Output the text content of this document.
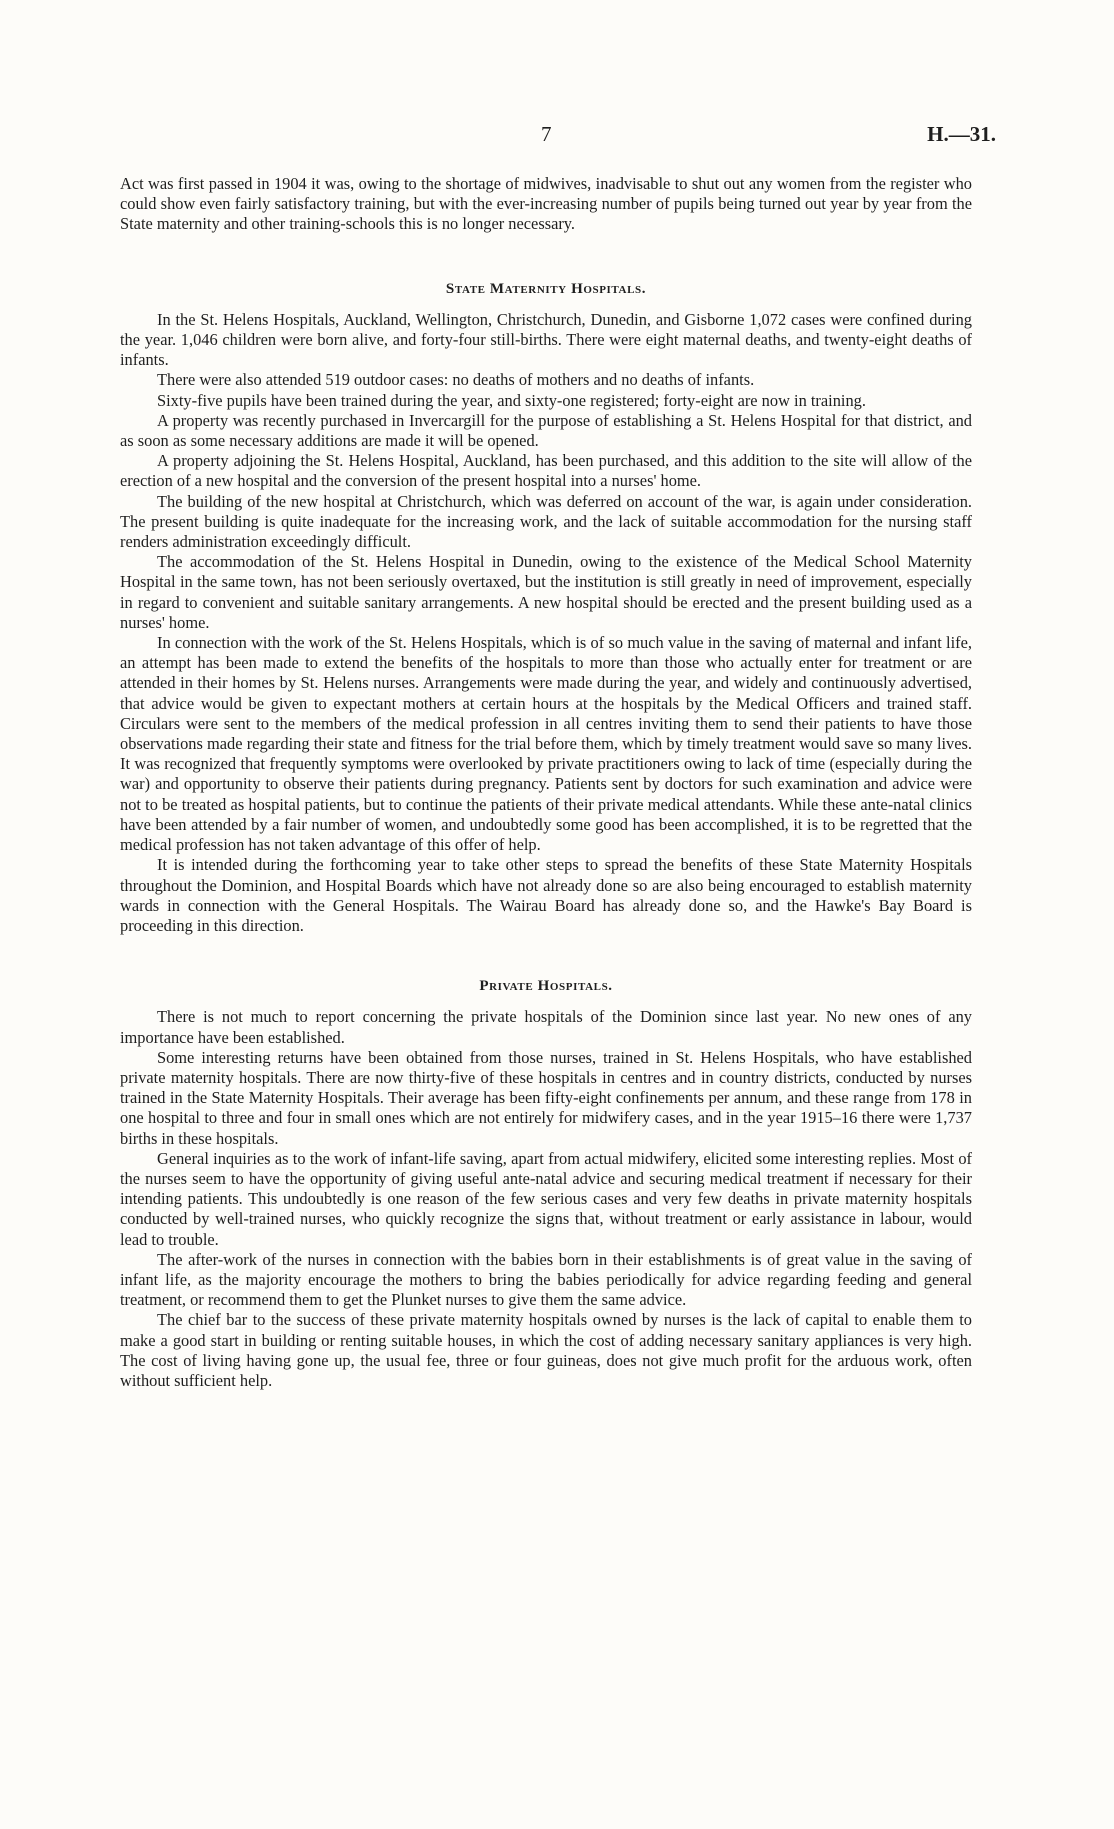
7	H.—31.

Act was first passed in 1904 it was, owing to the shortage of midwives, inadvisable to shut out any women from the register who could show even fairly satisfactory training, but with the ever-increasing number of pupils being turned out year by year from the State maternity and other training-schools this is no longer necessary.

State Maternity Hospitals.

In the St. Helens Hospitals, Auckland, Wellington, Christchurch, Dunedin, and Gisborne 1,072 cases were confined during the year. 1,046 children were born alive, and forty-four still-births. There were eight maternal deaths, and twenty-eight deaths of infants.

There were also attended 519 outdoor cases: no deaths of mothers and no deaths of infants.

Sixty-five pupils have been trained during the year, and sixty-one registered; forty-eight are now in training.

A property was recently purchased in Invercargill for the purpose of establishing a St. Helens Hospital for that district, and as soon as some necessary additions are made it will be opened.

A property adjoining the St. Helens Hospital, Auckland, has been purchased, and this addition to the site will allow of the erection of a new hospital and the conversion of the present hospital into a nurses' home.

The building of the new hospital at Christchurch, which was deferred on account of the war, is again under consideration. The present building is quite inadequate for the increasing work, and the lack of suitable accommodation for the nursing staff renders administration exceedingly difficult.

The accommodation of the St. Helens Hospital in Dunedin, owing to the existence of the Medical School Maternity Hospital in the same town, has not been seriously overtaxed, but the institution is still greatly in need of improvement, especially in regard to convenient and suitable sanitary arrangements. A new hospital should be erected and the present building used as a nurses' home.

In connection with the work of the St. Helens Hospitals, which is of so much value in the saving of maternal and infant life, an attempt has been made to extend the benefits of the hospitals to more than those who actually enter for treatment or are attended in their homes by St. Helens nurses. Arrangements were made during the year, and widely and continuously advertised, that advice would be given to expectant mothers at certain hours at the hospitals by the Medical Officers and trained staff. Circulars were sent to the members of the medical profession in all centres inviting them to send their patients to have those observations made regarding their state and fitness for the trial before them, which by timely treatment would save so many lives. It was recognized that frequently symptoms were overlooked by private practitioners owing to lack of time (especially during the war) and opportunity to observe their patients during pregnancy. Patients sent by doctors for such examination and advice were not to be treated as hospital patients, but to continue the patients of their private medical attendants. While these ante-natal clinics have been attended by a fair number of women, and undoubtedly some good has been accomplished, it is to be regretted that the medical profession has not taken advantage of this offer of help.

It is intended during the forthcoming year to take other steps to spread the benefits of these State Maternity Hospitals throughout the Dominion, and Hospital Boards which have not already done so are also being encouraged to establish maternity wards in connection with the General Hospitals. The Wairau Board has already done so, and the Hawke's Bay Board is proceeding in this direction.

Private Hospitals.

There is not much to report concerning the private hospitals of the Dominion since last year. No new ones of any importance have been established.

Some interesting returns have been obtained from those nurses, trained in St. Helens Hospitals, who have established private maternity hospitals. There are now thirty-five of these hospitals in centres and in country districts, conducted by nurses trained in the State Maternity Hospitals. Their average has been fifty-eight confinements per annum, and these range from 178 in one hospital to three and four in small ones which are not entirely for midwifery cases, and in the year 1915–16 there were 1,737 births in these hospitals.

General inquiries as to the work of infant-life saving, apart from actual midwifery, elicited some interesting replies. Most of the nurses seem to have the opportunity of giving useful ante-natal advice and securing medical treatment if necessary for their intending patients. This undoubtedly is one reason of the few serious cases and very few deaths in private maternity hospitals conducted by well-trained nurses, who quickly recognize the signs that, without treatment or early assistance in labour, would lead to trouble.

The after-work of the nurses in connection with the babies born in their establishments is of great value in the saving of infant life, as the majority encourage the mothers to bring the babies periodically for advice regarding feeding and general treatment, or recommend them to get the Plunket nurses to give them the same advice.

The chief bar to the success of these private maternity hospitals owned by nurses is the lack of capital to enable them to make a good start in building or renting suitable houses, in which the cost of adding necessary sanitary appliances is very high. The cost of living having gone up, the usual fee, three or four guineas, does not give much profit for the arduous work, often without sufficient help.
